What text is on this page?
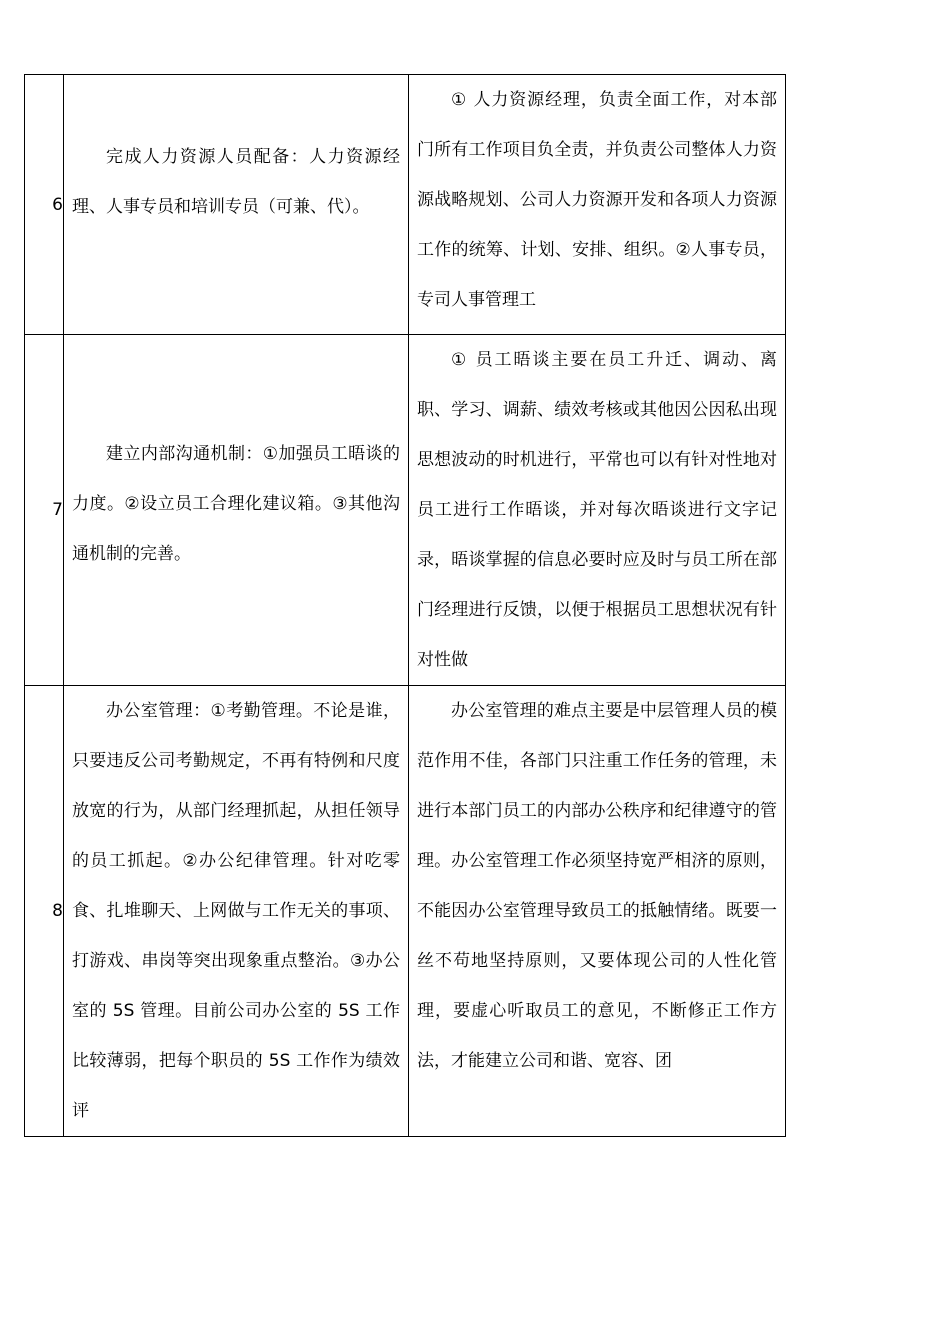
6	完成人力资源人员配备：人力资源经理、人事专员和培训专员（可兼、代）。	① 人力资源经理，负责全面工作，对本部门所有工作项目负全责，并负责公司整体人力资源战略规划、公司人力资源开发和各项人力资源工作的统筹、计划、安排、组织。②人事专员，专司人事管理工

7	建立内部沟通机制：①加强员工晤谈的力度。②设立员工合理化建议箱。③其他沟通机制的完善。	① 员工晤谈主要在员工升迁、调动、离职、学习、调薪、绩效考核或其他因公因私出现思想波动的时机进行，平常也可以有针对性地对员工进行工作晤谈，并对每次晤谈进行文字记录，晤谈掌握的信息必要时应及时与员工所在部门经理进行反馈，以便于根据员工思想状况有针对性做

8	办公室管理：①考勤管理。不论是谁，只要违反公司考勤规定，不再有特例和尺度放宽的行为，从部门经理抓起，从担任领导的员工抓起。②办公纪律管理。针对吃零食、扎堆聊天、上网做与工作无关的事项、打游戏、串岗等突出现象重点整治。③办公室的 5S 管理。目前公司办公室的 5S 工作比较薄弱，把每个职员的 5S 工作作为绩效评	办公室管理的难点主要是中层管理人员的模范作用不佳，各部门只注重工作任务的管理，未进行本部门员工的内部办公秩序和纪律遵守的管理。办公室管理工作必须坚持宽严相济的原则，不能因办公室管理导致员工的抵触情绪。既要一丝不苟地坚持原则，又要体现公司的人性化管理，要虚心听取员工的意见，不断修正工作方法，才能建立公司和谐、宽容、团
